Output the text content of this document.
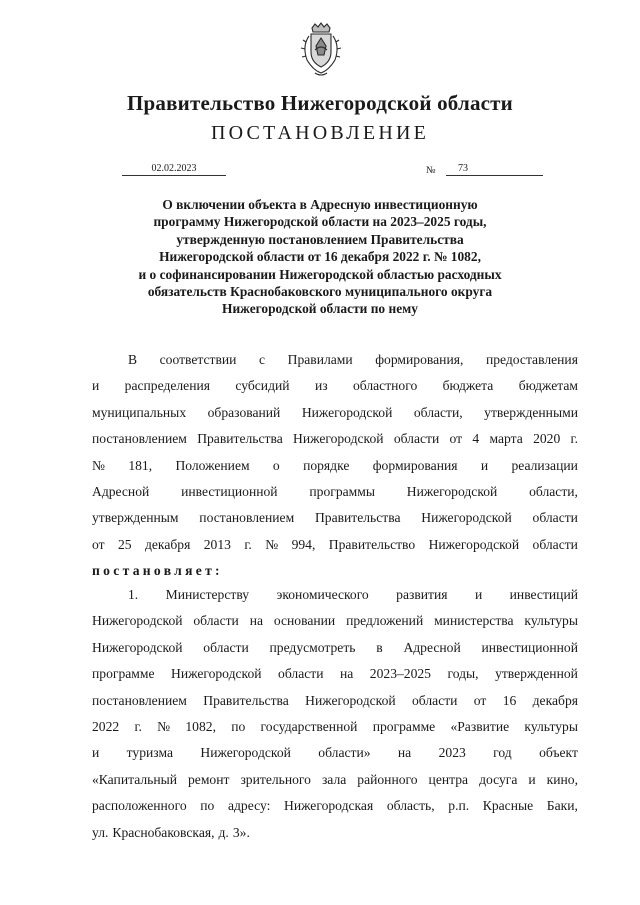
Правительство Нижегородской области
ПОСТАНОВЛЕНИЕ
02.02.2023	№	73
О включении объекта в Адресную инвестиционную
программу Нижегородской области на 2023–2025 годы,
утвержденную постановлением Правительства
Нижегородской области от 16 декабря 2022 г. № 1082,
и о софинансировании Нижегородской областью расходных
обязательств Краснобаковского муниципального округа
Нижегородской области по нему
В соответствии с Правилами формирования, предоставления
и распределения субсидий из областного бюджета бюджетам
муниципальных образований Нижегородской области, утвержденными
постановлением Правительства Нижегородской области от 4 марта 2020 г.
№ 181, Положением о порядке формирования и реализации
Адресной инвестиционной программы Нижегородской области,
утвержденным постановлением Правительства Нижегородской области
от 25 декабря 2013 г. № 994, Правительство Нижегородской области
постановляет:
1. Министерству экономического развития и инвестиций
Нижегородской области на основании предложений министерства культуры
Нижегородской области предусмотреть в Адресной инвестиционной
программе Нижегородской области на 2023–2025 годы, утвержденной
постановлением Правительства Нижегородской области от 16 декабря
2022 г. № 1082, по государственной программе «Развитие культуры
и туризма Нижегородской области» на 2023 год объект
«Капитальный ремонт зрительного зала районного центра досуга и кино,
расположенного по адресу: Нижегородская область, р.п. Красные Баки,
ул. Краснобаковская, д. 3».
